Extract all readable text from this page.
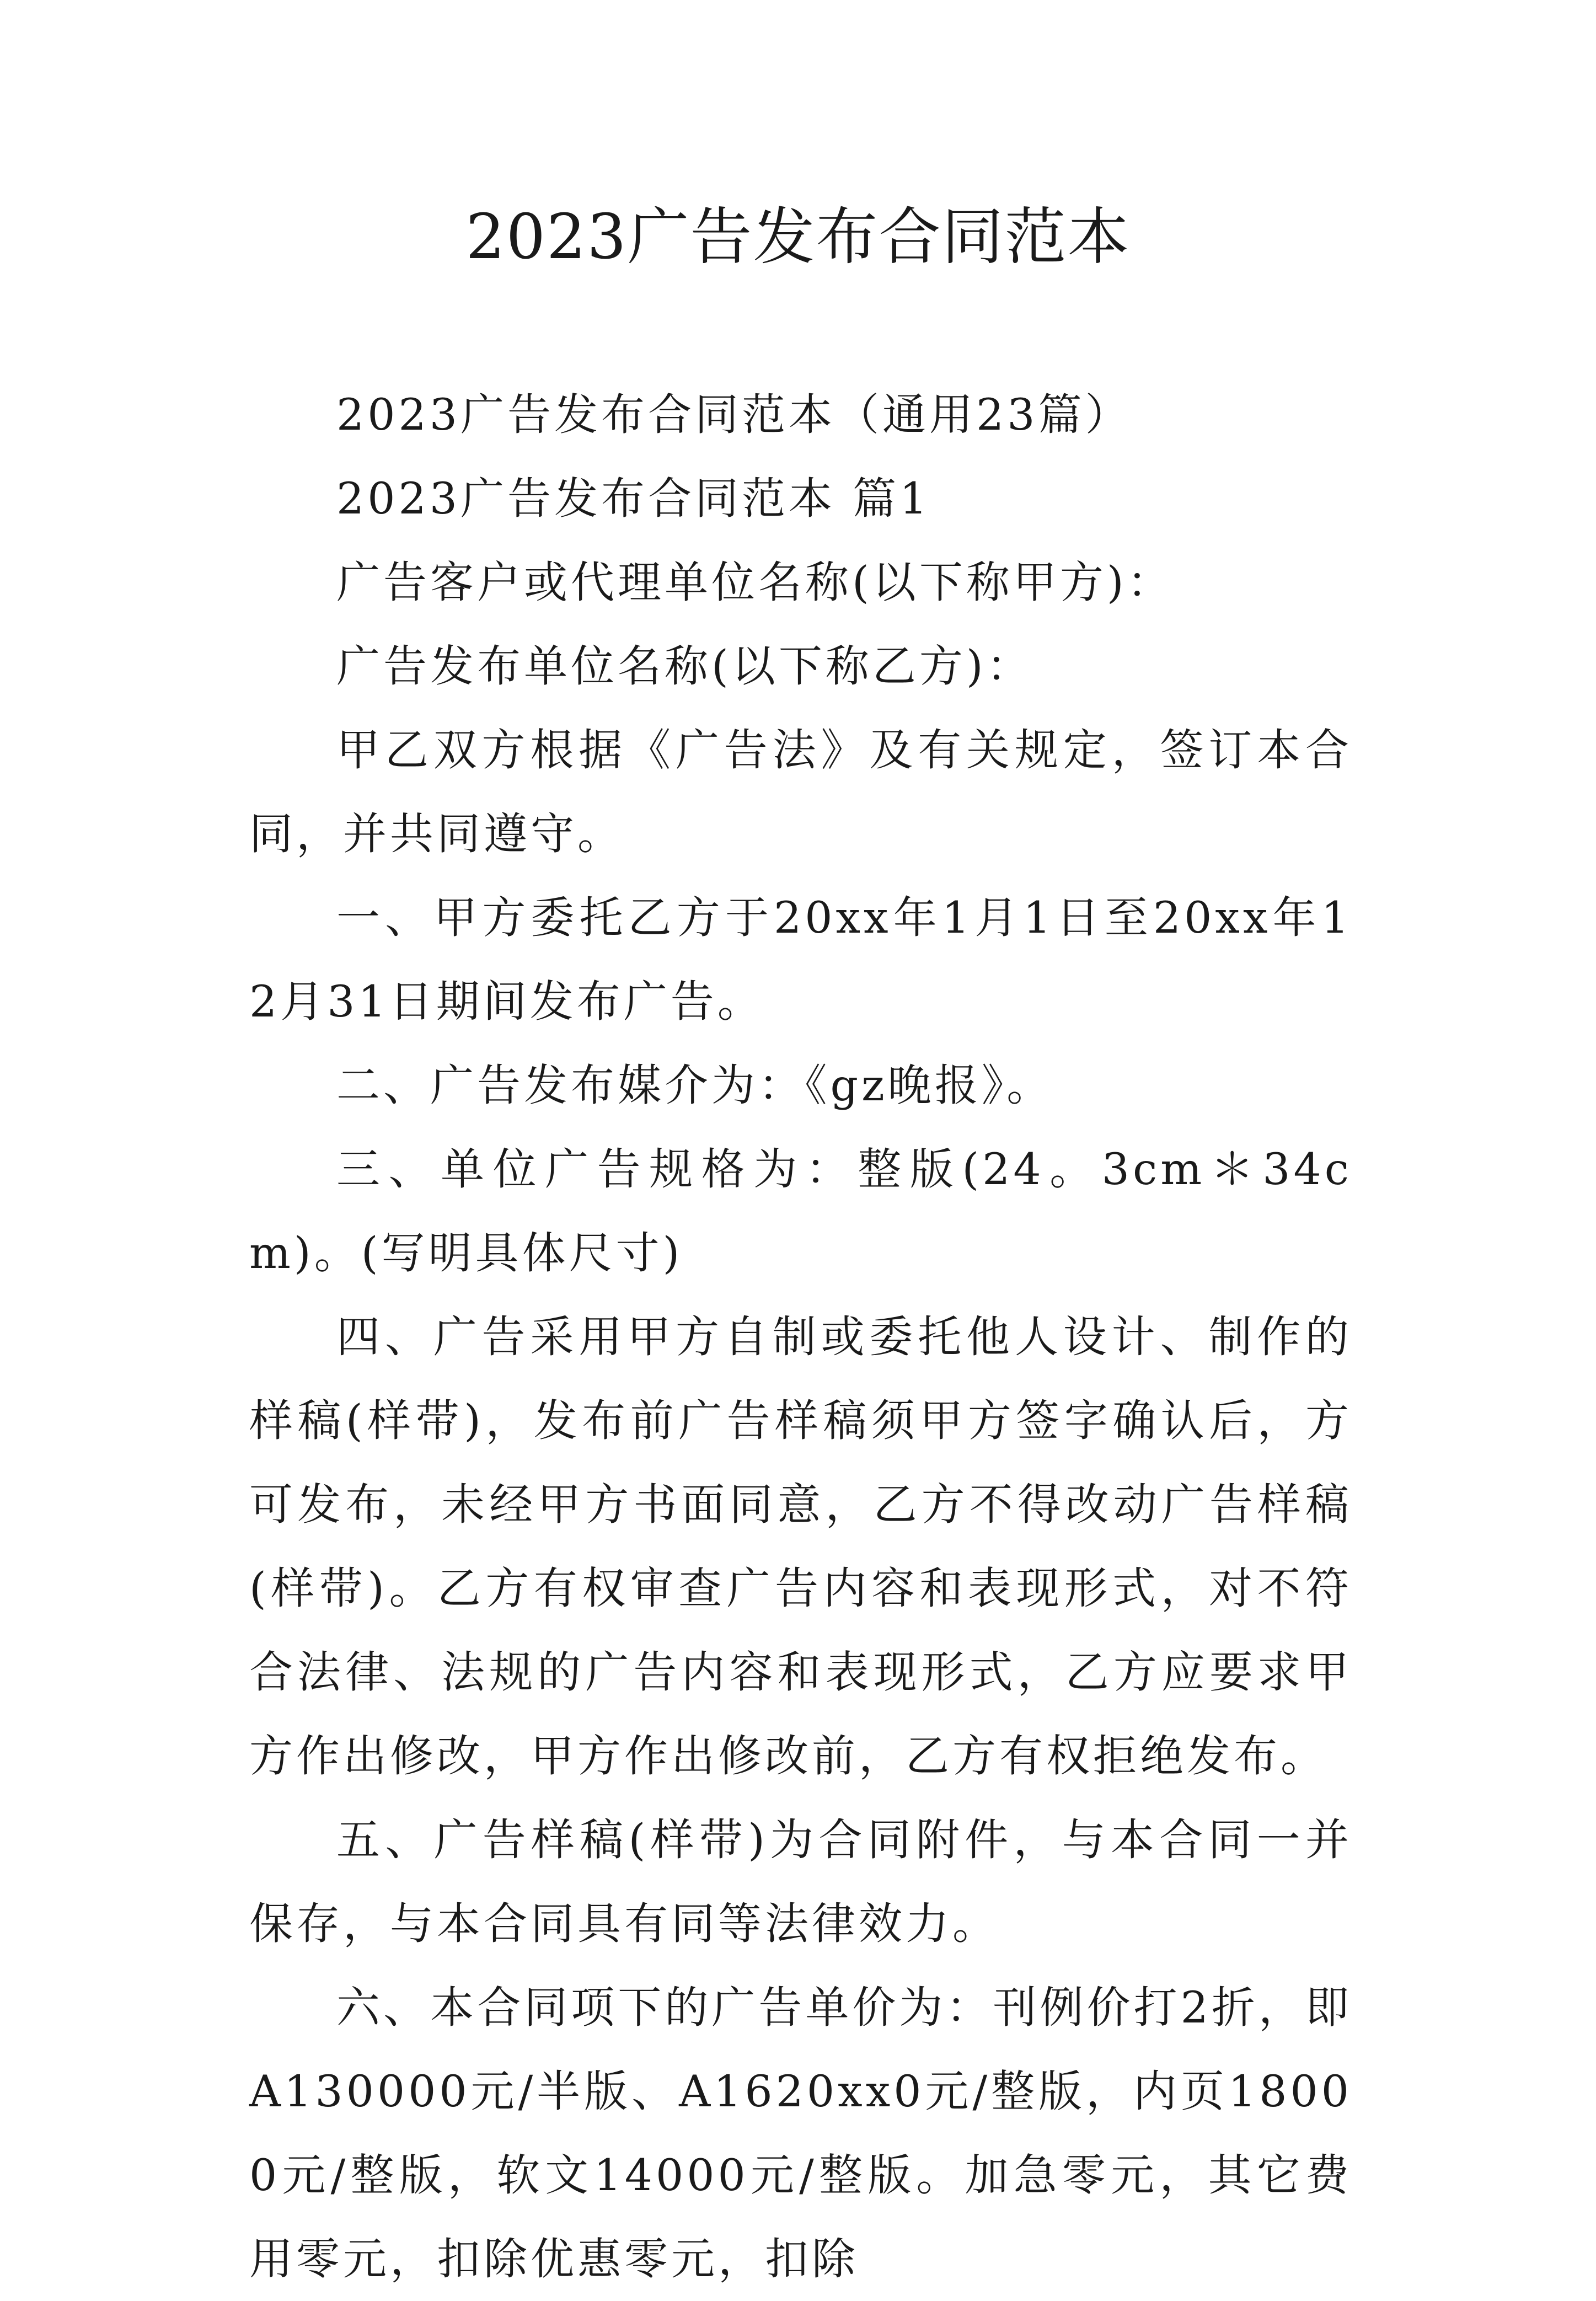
2023广告发布合同范本

2023广告发布合同范本（通用23篇）

2023广告发布合同范本 篇1

广告客户或代理单位名称(以下称甲方)：

广告发布单位名称(以下称乙方)：

甲乙双方根据《广告法》及有关规定，签订本合同，并共同遵守。

一、甲方委托乙方于20xx年1月1日至20xx年12月31日期间发布广告。

二、广告发布媒介为：《gz晚报》。

三、单位广告规格为：整版(24。3cm＊34cm)。(写明具体尺寸)

四、广告采用甲方自制或委托他人设计、制作的样稿(样带)，发布前广告样稿须甲方签字确认后，方可发布，未经甲方书面同意，乙方不得改动广告样稿(样带)。乙方有权审查广告内容和表现形式，对不符合法律、法规的广告内容和表现形式，乙方应要求甲方作出修改，甲方作出修改前，乙方有权拒绝发布。

五、广告样稿(样带)为合同附件，与本合同一并保存，与本合同具有同等法律效力。

六、本合同项下的广告单价为：刊例价打2折，即A130000元/半版、A1620xx0元/整版，内页18000元/整版，软文14000元/整版。加急零元，其它费用零元，扣除优惠零元，扣除
